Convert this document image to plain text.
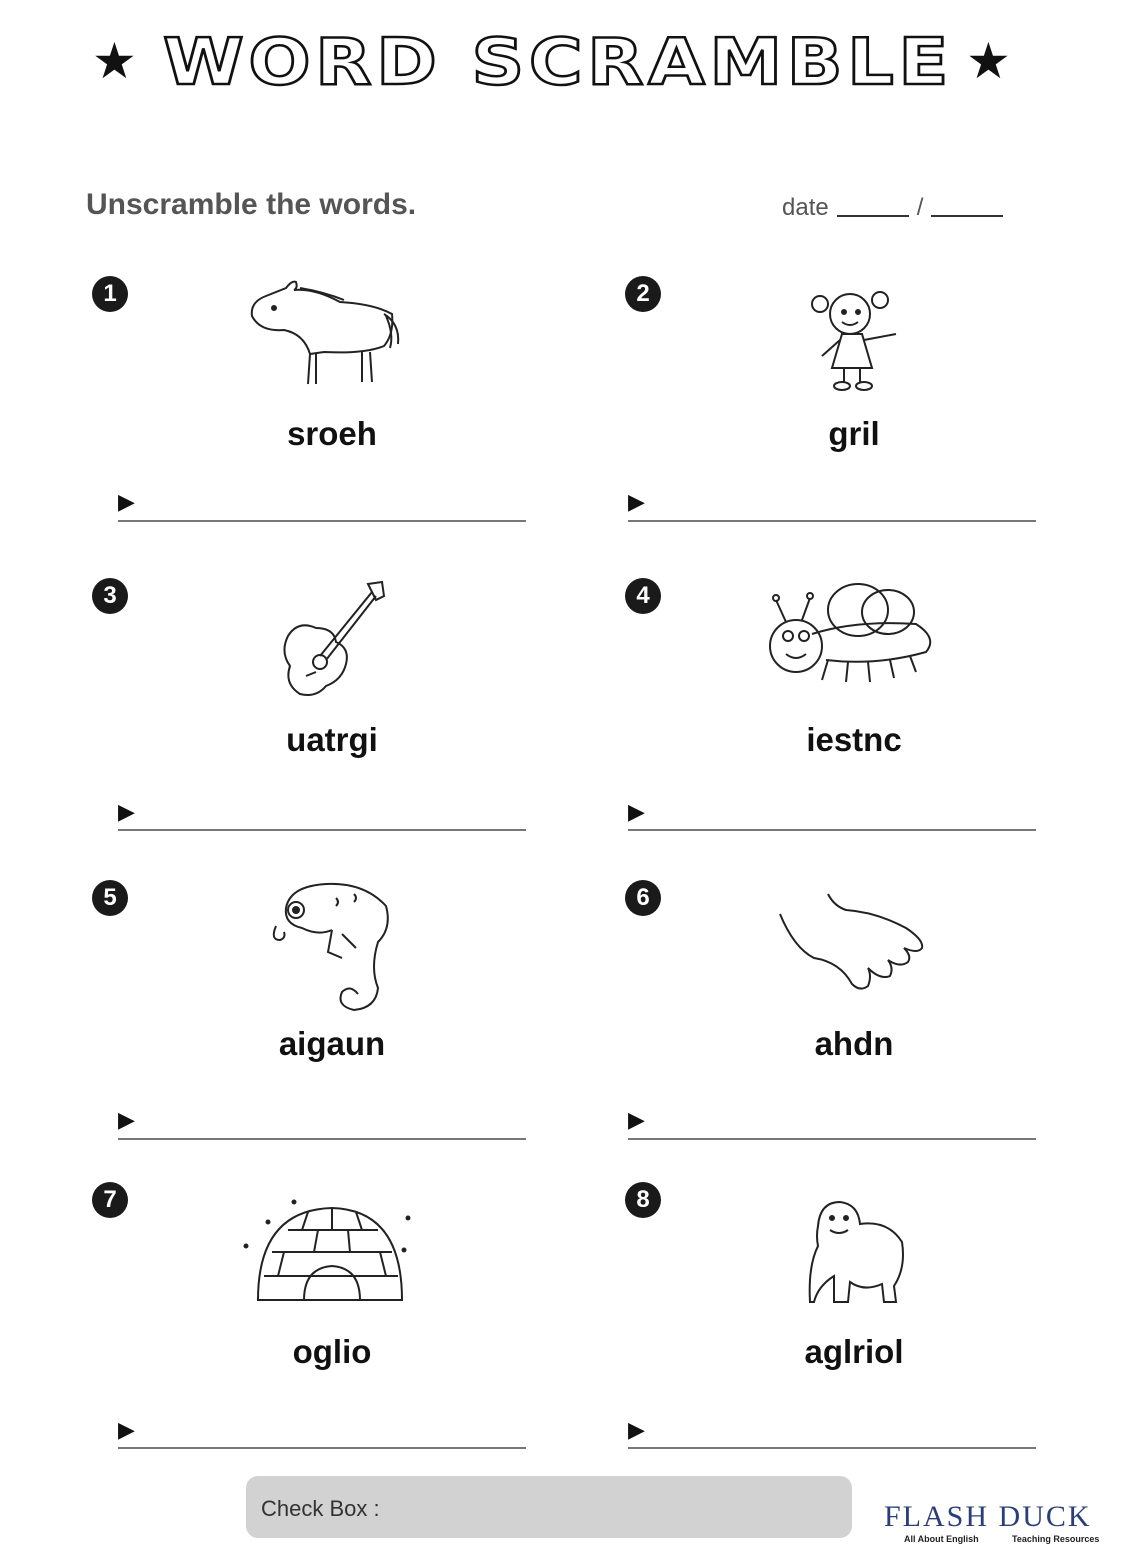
★	★
WORD SCRAMBLE
Unscramble the words.	date	/
1
sroeh
▶
2
gril
▶
3
uatrgi
▶
4
iestnc
▶
5
aigaun
▶
6
ahdn
▶
7
oglio
▶
8
aglriol
▶
Check Box :	FLASH DUCK
All About English	Teaching Resources
